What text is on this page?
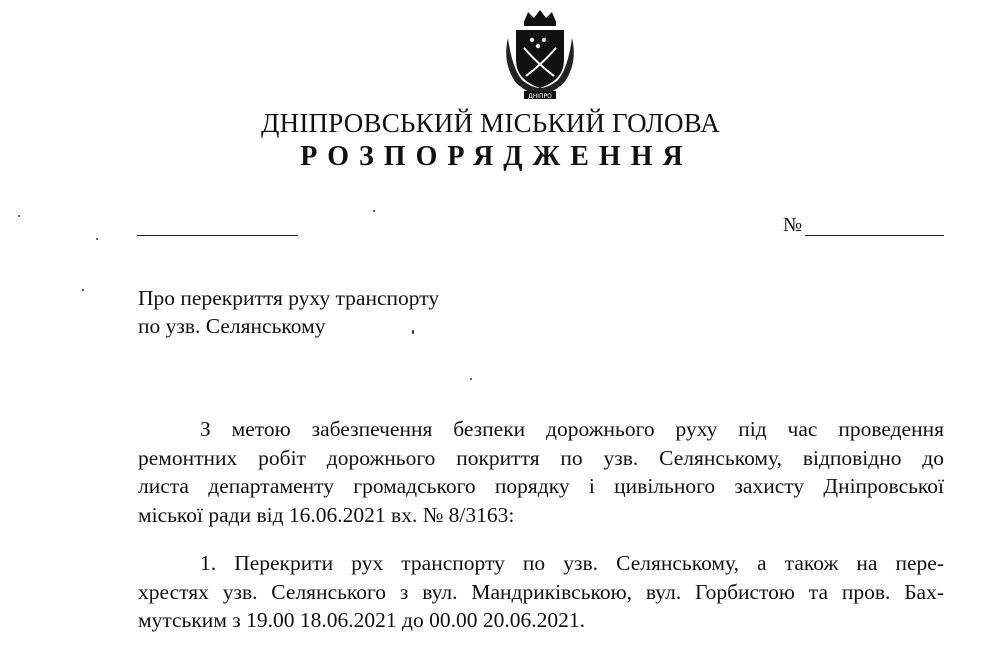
ДНІПРО
ДНІПРОВСЬКИЙ МІСЬКИЙ ГОЛОВА
РОЗПОРЯДЖЕННЯ
№
Про перекриття руху транспорту
по узв. Селянському
З метою забезпечення безпеки дорожнього руху під час проведення
ремонтних робіт дорожнього покриття по узв. Селянському, відповідно до
листа департаменту громадського порядку і цивільного захисту Дніпровської
міської ради від 16.06.2021 вх. № 8/3163:
1. Перекрити рух транспорту по узв. Селянському, а також на пере-
хрестях узв. Селянського з вул. Мандриківською, вул. Горбистою та пров. Бах-
мутським з 19.00 18.06.2021 до 00.00 20.06.2021.
